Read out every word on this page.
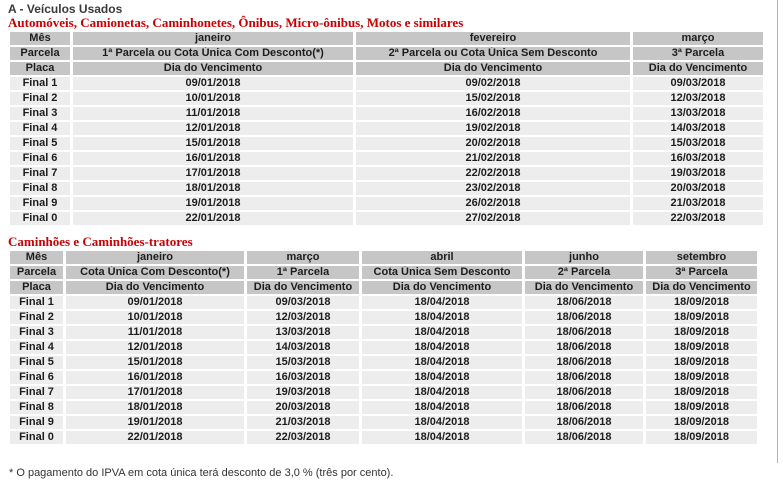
A - Veículos Usados
Automóveis, Camionetas, Caminhonetes, Ônibus, Micro-ônibus, Motos e similares
Mês	janeiro	fevereiro	março
Parcela	1ª Parcela ou Cota Única Com Desconto(*)	2ª Parcela ou Cota Única Sem Desconto	3ª Parcela
Placa	Dia do Vencimento	Dia do Vencimento	Dia do Vencimento
Final 1	09/01/2018	09/02/2018	09/03/2018
Final 2	10/01/2018	15/02/2018	12/03/2018
Final 3	11/01/2018	16/02/2018	13/03/2018
Final 4	12/01/2018	19/02/2018	14/03/2018
Final 5	15/01/2018	20/02/2018	15/03/2018
Final 6	16/01/2018	21/02/2018	16/03/2018
Final 7	17/01/2018	22/02/2018	19/03/2018
Final 8	18/01/2018	23/02/2018	20/03/2018
Final 9	19/01/2018	26/02/2018	21/03/2018
Final 0	22/01/2018	27/02/2018	22/03/2018
Caminhões e Caminhões-tratores
Mês	janeiro	março	abril	junho	setembro
Parcela	Cota Única Com Desconto(*)	1ª Parcela	Cota Única Sem Desconto	2ª Parcela	3ª Parcela
Placa	Dia do Vencimento	Dia do Vencimento	Dia do Vencimento	Dia do Vencimento	Dia do Vencimento
Final 1	09/01/2018	09/03/2018	18/04/2018	18/06/2018	18/09/2018
Final 2	10/01/2018	12/03/2018	18/04/2018	18/06/2018	18/09/2018
Final 3	11/01/2018	13/03/2018	18/04/2018	18/06/2018	18/09/2018
Final 4	12/01/2018	14/03/2018	18/04/2018	18/06/2018	18/09/2018
Final 5	15/01/2018	15/03/2018	18/04/2018	18/06/2018	18/09/2018
Final 6	16/01/2018	16/03/2018	18/04/2018	18/06/2018	18/09/2018
Final 7	17/01/2018	19/03/2018	18/04/2018	18/06/2018	18/09/2018
Final 8	18/01/2018	20/03/2018	18/04/2018	18/06/2018	18/09/2018
Final 9	19/01/2018	21/03/2018	18/04/2018	18/06/2018	18/09/2018
Final 0	22/01/2018	22/03/2018	18/04/2018	18/06/2018	18/09/2018
* O pagamento do IPVA em cota única terá desconto de 3,0 % (três por cento).
